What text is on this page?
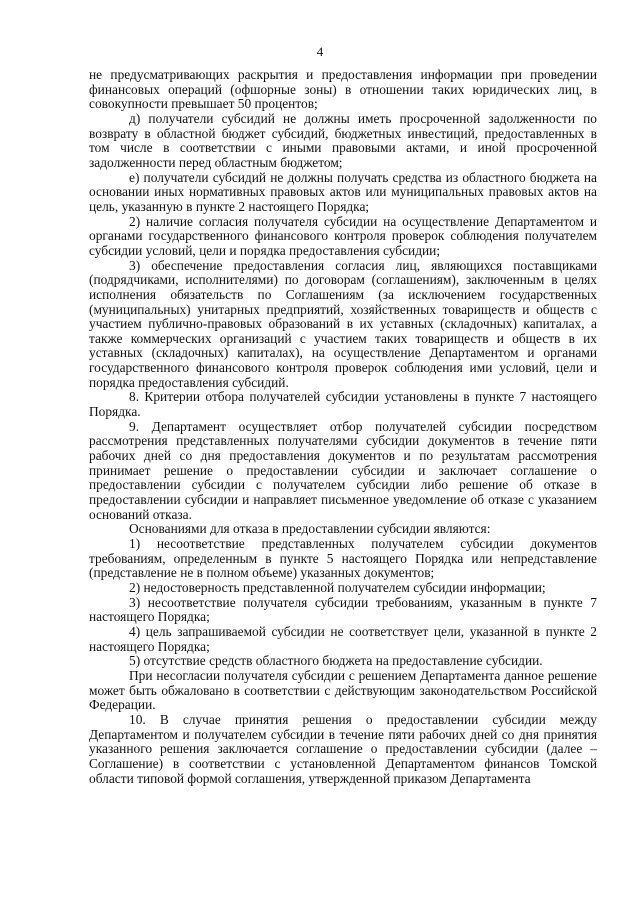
4

не предусматривающих раскрытия и предоставления информации при проведении финансовых операций (офшорные зоны) в отношении таких юридических лиц, в совокупности превышает 50 процентов;

д) получатели субсидий не должны иметь просроченной задолженности по возврату в областной бюджет субсидий, бюджетных инвестиций, предоставленных в том числе в соответствии с иными правовыми актами, и иной просроченной задолженности перед областным бюджетом;

е) получатели субсидий не должны получать средства из областного бюджета на основании иных нормативных правовых актов или муниципальных правовых актов на цель, указанную в пункте 2 настоящего Порядка;

2) наличие согласия получателя субсидии на осуществление Департаментом и органами государственного финансового контроля проверок соблюдения получателем субсидии условий, цели и порядка предоставления субсидии;

3) обеспечение предоставления согласия лиц, являющихся поставщиками (подрядчиками, исполнителями) по договорам (соглашениям), заключенным в целях исполнения обязательств по Соглашениям (за исключением государственных (муниципальных) унитарных предприятий, хозяйственных товариществ и обществ с участием публично-правовых образований в их уставных (складочных) капиталах, а также коммерческих организаций с участием таких товариществ и обществ в их уставных (складочных) капиталах), на осуществление Департаментом и органами государственного финансового контроля проверок соблюдения ими условий, цели и порядка предоставления субсидий.

8. Критерии отбора получателей субсидии установлены в пункте 7 настоящего Порядка.

9. Департамент осуществляет отбор получателей субсидии посредством рассмотрения представленных получателями субсидии документов в течение пяти рабочих дней со дня предоставления документов и по результатам рассмотрения принимает решение о предоставлении субсидии и заключает соглашение о предоставлении субсидии с получателем субсидии либо решение об отказе в предоставлении субсидии и направляет письменное уведомление об отказе с указанием оснований отказа.

Основаниями для отказа в предоставлении субсидии являются:

1) несоответствие представленных получателем субсидии документов требованиям, определенным в пункте 5 настоящего Порядка или непредставление (представление не в полном объеме) указанных документов;

2) недостоверность представленной получателем субсидии информации;

3) несоответствие получателя субсидии требованиям, указанным в пункте 7 настоящего Порядка;

4) цель запрашиваемой субсидии не соответствует цели, указанной в пункте 2 настоящего Порядка;

5) отсутствие средств областного бюджета на предоставление субсидии.

При несогласии получателя субсидии с решением Департамента данное решение может быть обжаловано в соответствии с действующим законодательством Российской Федерации.

10. В случае принятия решения о предоставлении субсидии между Департаментом и получателем субсидии в течение пяти рабочих дней со дня принятия указанного решения заключается соглашение о предоставлении субсидии (далее – Соглашение) в соответствии с установленной Департаментом финансов Томской области типовой формой соглашения, утвержденной приказом Департамента
